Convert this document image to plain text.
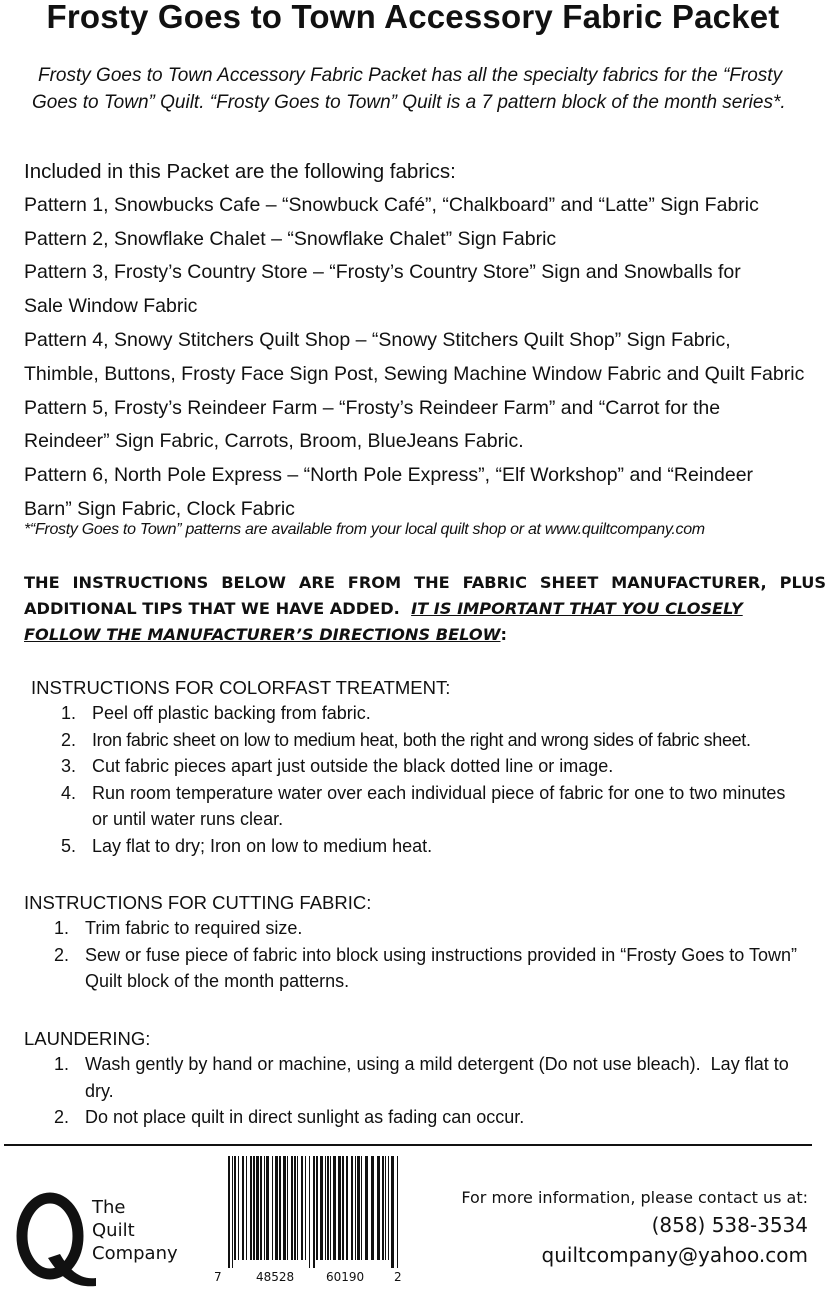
Frosty Goes to Town Accessory Fabric Packet
Frosty Goes to Town Accessory Fabric Packet has all the specialty fabrics for the “Frosty Goes to Town” Quilt. “Frosty Goes to Town” Quilt is a 7 pattern block of the month series*.
Included in this Packet are the following fabrics:
Pattern 1, Snowbucks Cafe – “Snowbuck Café”, “Chalkboard” and “Latte” Sign Fabric
Pattern 2, Snowflake Chalet – “Snowflake Chalet” Sign Fabric
Pattern 3, Frosty’s Country Store – “Frosty’s Country Store” Sign and Snowballs for
Sale Window Fabric
Pattern 4, Snowy Stitchers Quilt Shop – “Snowy Stitchers Quilt Shop” Sign Fabric,
Thimble, Buttons, Frosty Face Sign Post, Sewing Machine Window Fabric and Quilt Fabric
Pattern 5, Frosty’s Reindeer Farm – “Frosty’s Reindeer Farm” and “Carrot for the
Reindeer” Sign Fabric, Carrots, Broom, BlueJeans Fabric.
Pattern 6, North Pole Express – “North Pole Express”, “Elf Workshop” and “Reindeer
Barn” Sign Fabric, Clock Fabric
*“Frosty Goes to Town” patterns are available from your local quilt shop or at www.quiltcompany.com
THE INSTRUCTIONS BELOW ARE FROM THE FABRIC SHEET MANUFACTURER, PLUS
ADDITIONAL TIPS THAT WE HAVE ADDED. IT IS IMPORTANT THAT YOU CLOSELY
FOLLOW THE MANUFACTURER’S DIRECTIONS BELOW:
INSTRUCTIONS FOR COLORFAST TREATMENT:
1. Peel off plastic backing from fabric.
2. Iron fabric sheet on low to medium heat, both the right and wrong sides of fabric sheet.
3. Cut fabric pieces apart just outside the black dotted line or image.
4. Run room temperature water over each individual piece of fabric for one to two minutes or until water runs clear.
5. Lay flat to dry; Iron on low to medium heat.
INSTRUCTIONS FOR CUTTING FABRIC:
1. Trim fabric to required size.
2. Sew or fuse piece of fabric into block using instructions provided in “Frosty Goes to Town” Quilt block of the month patterns.
LAUNDERING:
1. Wash gently by hand or machine, using a mild detergent (Do not use bleach).  Lay flat to dry.
2. Do not place quilt in direct sunlight as fading can occur.
The
Quilt
Company
7	48528	60190 2
For more information, please contact us at:
(858) 538-3534
quiltcompany@yahoo.com
